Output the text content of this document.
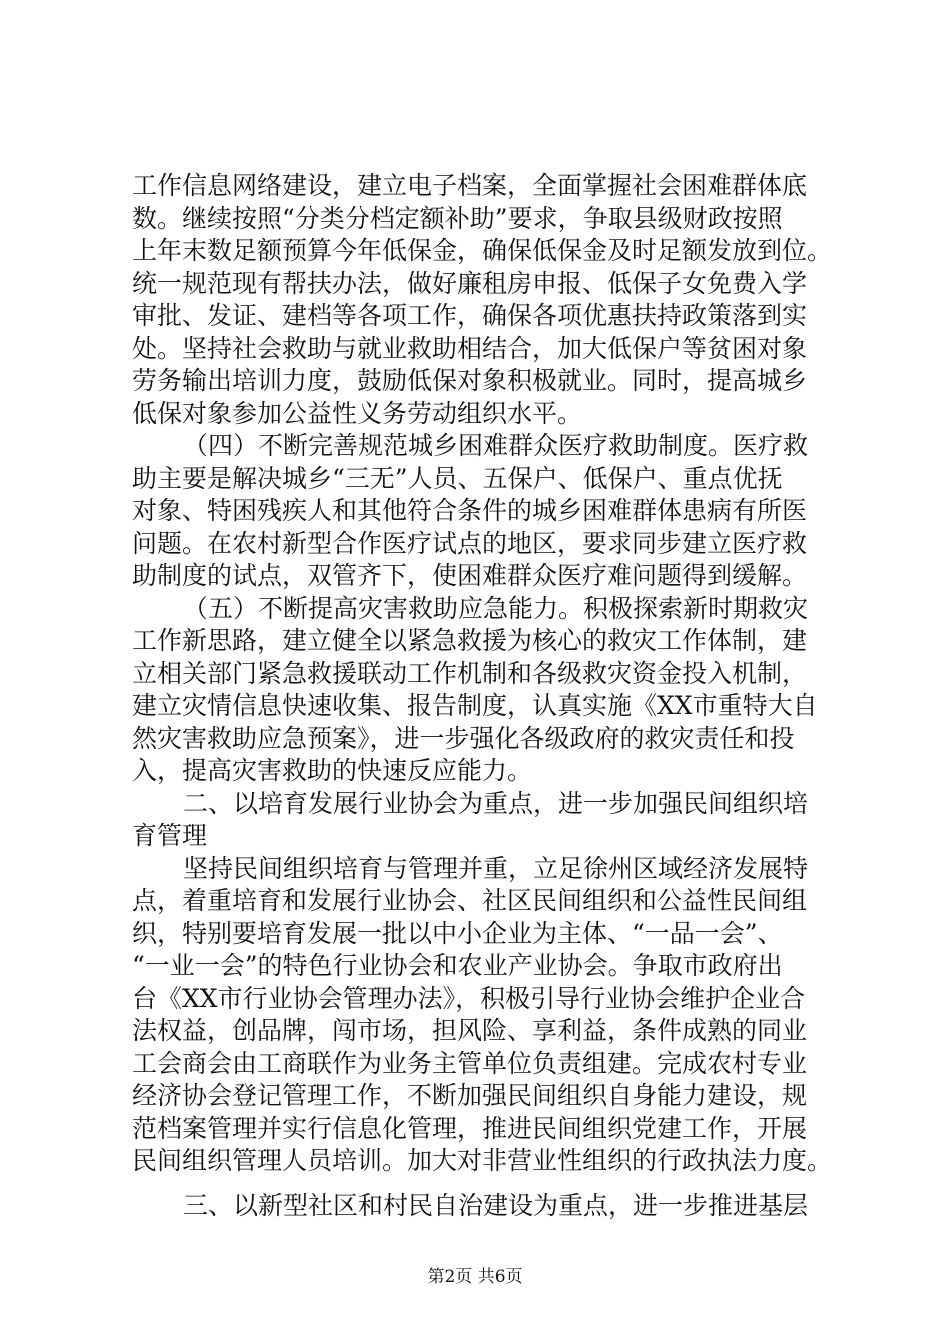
工作信息网络建设，建立电子档案，全面掌握社会困难群体底
数。继续按照“分类分档定额补助”要求，争取县级财政按照
上年末数足额预算今年低保金，确保低保金及时足额发放到位。
统一规范现有帮扶办法，做好廉租房申报、低保子女免费入学
审批、发证、建档等各项工作，确保各项优惠扶持政策落到实
处。坚持社会救助与就业救助相结合，加大低保户等贫困对象
劳务输出培训力度，鼓励低保对象积极就业。同时，提高城乡
低保对象参加公益性义务劳动组织水平。
（四）不断完善规范城乡困难群众医疗救助制度。医疗救
助主要是解决城乡“三无”人员、五保户、低保户、重点优抚
对象、特困残疾人和其他符合条件的城乡困难群体患病有所医
问题。在农村新型合作医疗试点的地区，要求同步建立医疗救
助制度的试点，双管齐下，使困难群众医疗难问题得到缓解。
（五）不断提高灾害救助应急能力。积极探索新时期救灾
工作新思路，建立健全以紧急救援为核心的救灾工作体制，建
立相关部门紧急救援联动工作机制和各级救灾资金投入机制，
建立灾情信息快速收集、报告制度，认真实施《XX市重特大自
然灾害救助应急预案》，进一步强化各级政府的救灾责任和投
入，提高灾害救助的快速反应能力。
二、以培育发展行业协会为重点，进一步加强民间组织培
育管理
坚持民间组织培育与管理并重，立足徐州区域经济发展特
点，着重培育和发展行业协会、社区民间组织和公益性民间组
织，特别要培育发展一批以中小企业为主体、“一品一会”、
“一业一会”的特色行业协会和农业产业协会。争取市政府出
台《XX市行业协会管理办法》，积极引导行业协会维护企业合
法权益，创品牌，闯市场，担风险、享利益，条件成熟的同业
工会商会由工商联作为业务主管单位负责组建。完成农村专业
经济协会登记管理工作，不断加强民间组织自身能力建设，规
范档案管理并实行信息化管理，推进民间组织党建工作，开展
民间组织管理人员培训。加大对非营业性组织的行政执法力度。
三、以新型社区和村民自治建设为重点，进一步推进基层
第2页 共6页
